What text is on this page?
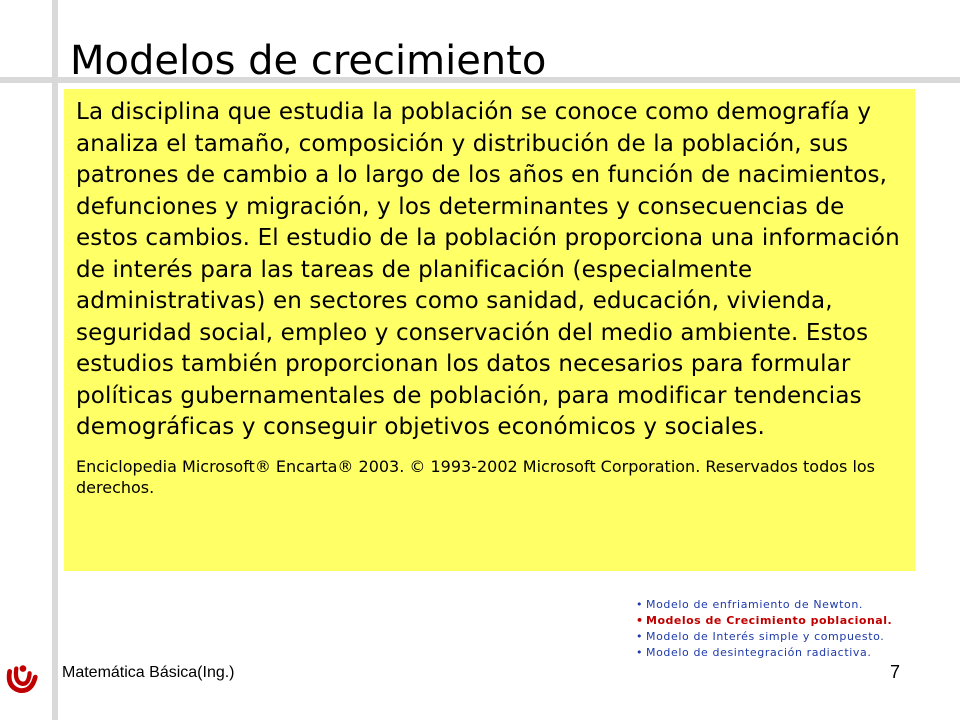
Modelos de crecimiento

La disciplina que estudia la población se conoce como demografía y analiza el tamaño, composición y distribución de la población, sus patrones de cambio a lo largo de los años en función de nacimientos, defunciones y migración, y los determinantes y consecuencias de estos cambios. El estudio de la población proporciona una información de interés para las tareas de planificación (especialmente administrativas) en sectores como sanidad, educación, vivienda, seguridad social, empleo y conservación del medio ambiente. Estos estudios también proporcionan los datos necesarios para formular políticas gubernamentales de población, para modificar tendencias demográficas y conseguir objetivos económicos y sociales.

Enciclopedia Microsoft® Encarta® 2003. © 1993-2002 Microsoft Corporation. Reservados todos los derechos.

• Modelo de enfriamiento de Newton.
• Modelos de Crecimiento poblacional.
• Modelo de Interés simple y compuesto.
• Modelo de desintegración radiactiva.
Matemática Básica(Ing.)	7
